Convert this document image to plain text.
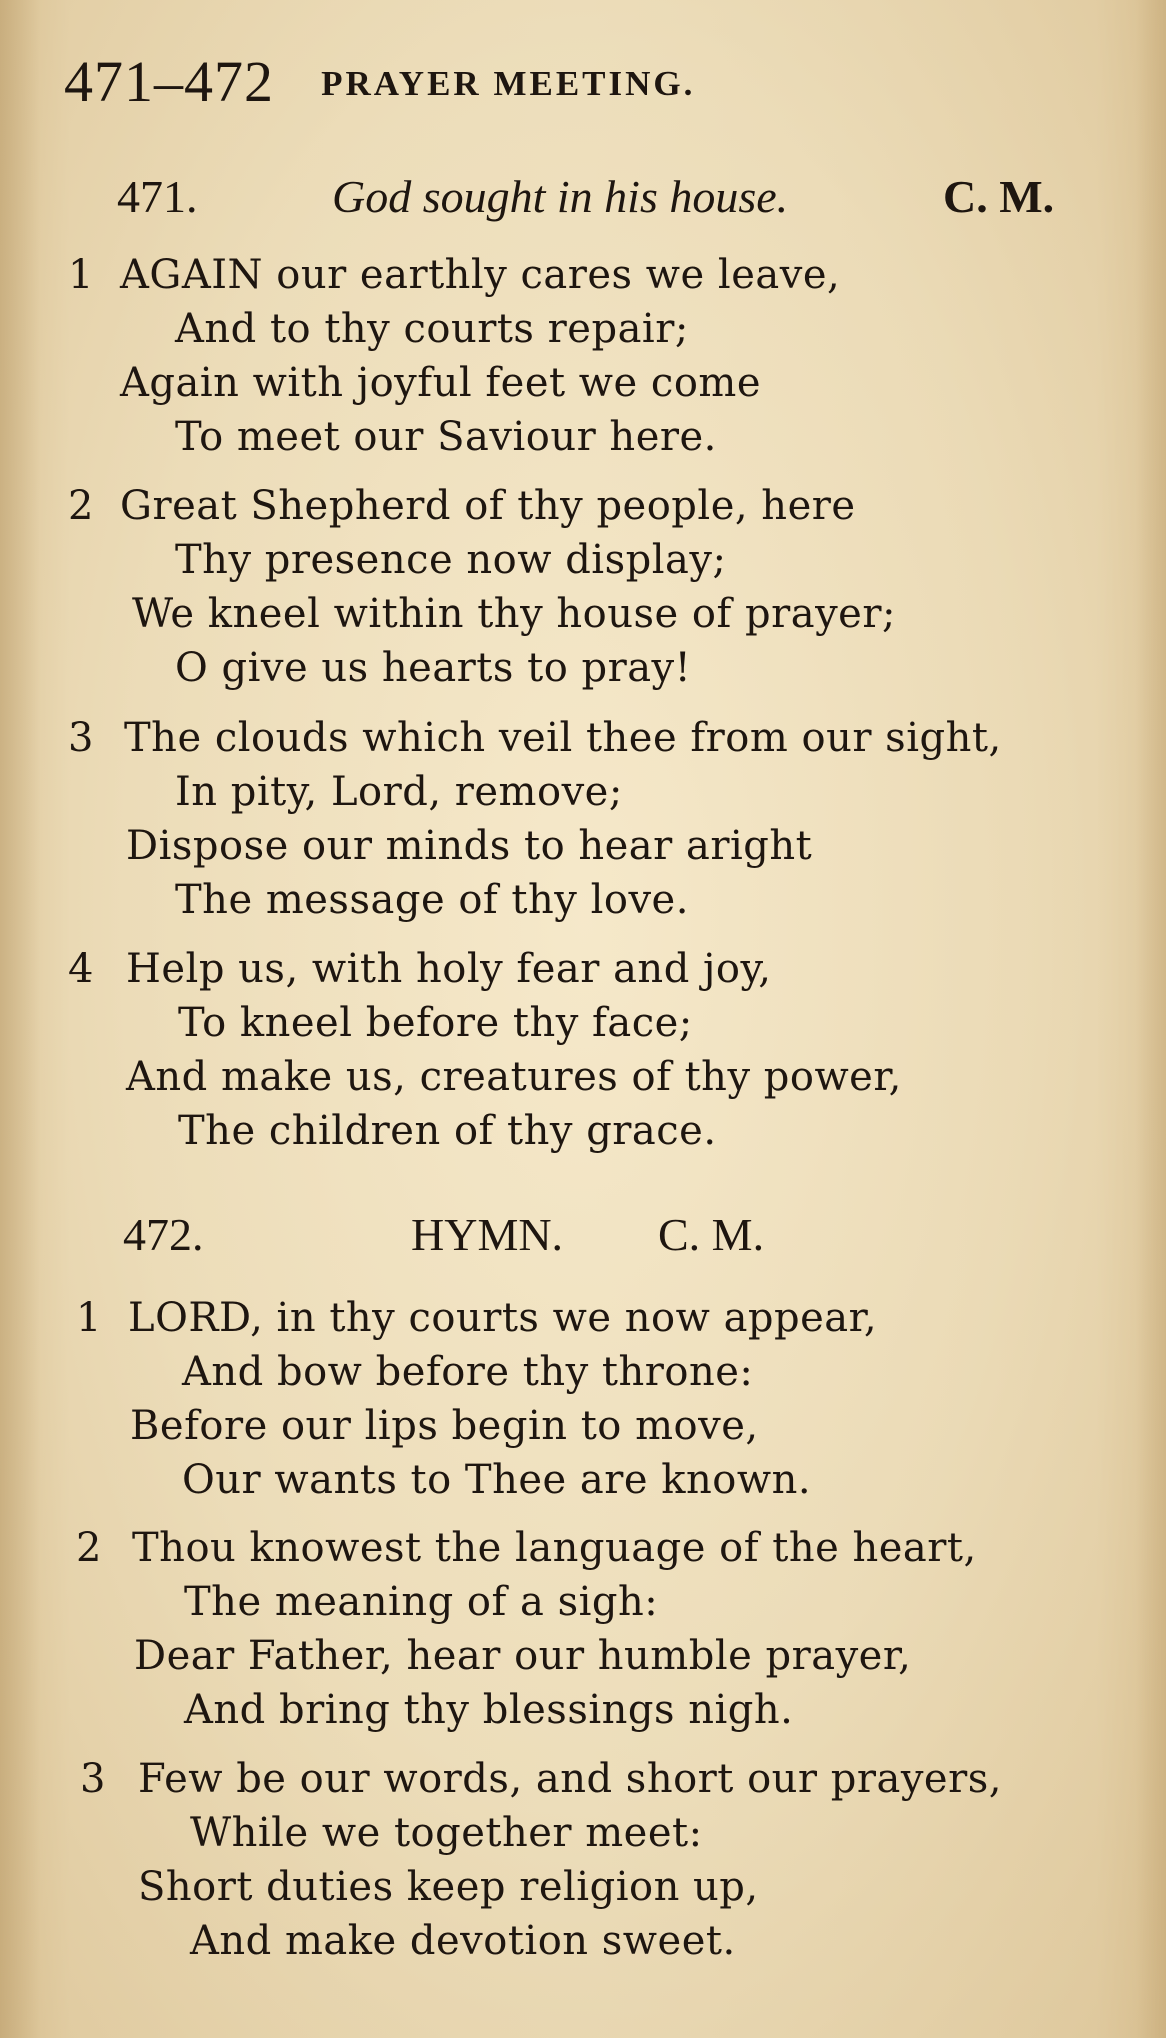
471–472 PRAYER MEETING.
471.	God sought in his house.	C. M.
1 AGAIN our earthly cares we leave,
And to thy courts repair;
Again with joyful feet we come
To meet our Saviour here.
2 Great Shepherd of thy people, here
Thy presence now display;
We kneel within thy house of prayer;
O give us hearts to pray!
3 The clouds which veil thee from our sight,
In pity, Lord, remove;
Dispose our minds to hear aright
The message of thy love.
4 Help us, with holy fear and joy,
To kneel before thy face;
And make us, creatures of thy power,
The children of thy grace.
472.	HYMN. C. M.
1 LORD, in thy courts we now appear,
And bow before thy throne:
Before our lips begin to move,
Our wants to Thee are known.
2 Thou knowest the language of the heart,
The meaning of a sigh:
Dear Father, hear our humble prayer,
And bring thy blessings nigh.
3 Few be our words, and short our prayers,
While we together meet:
Short duties keep religion up,
And make devotion sweet.
